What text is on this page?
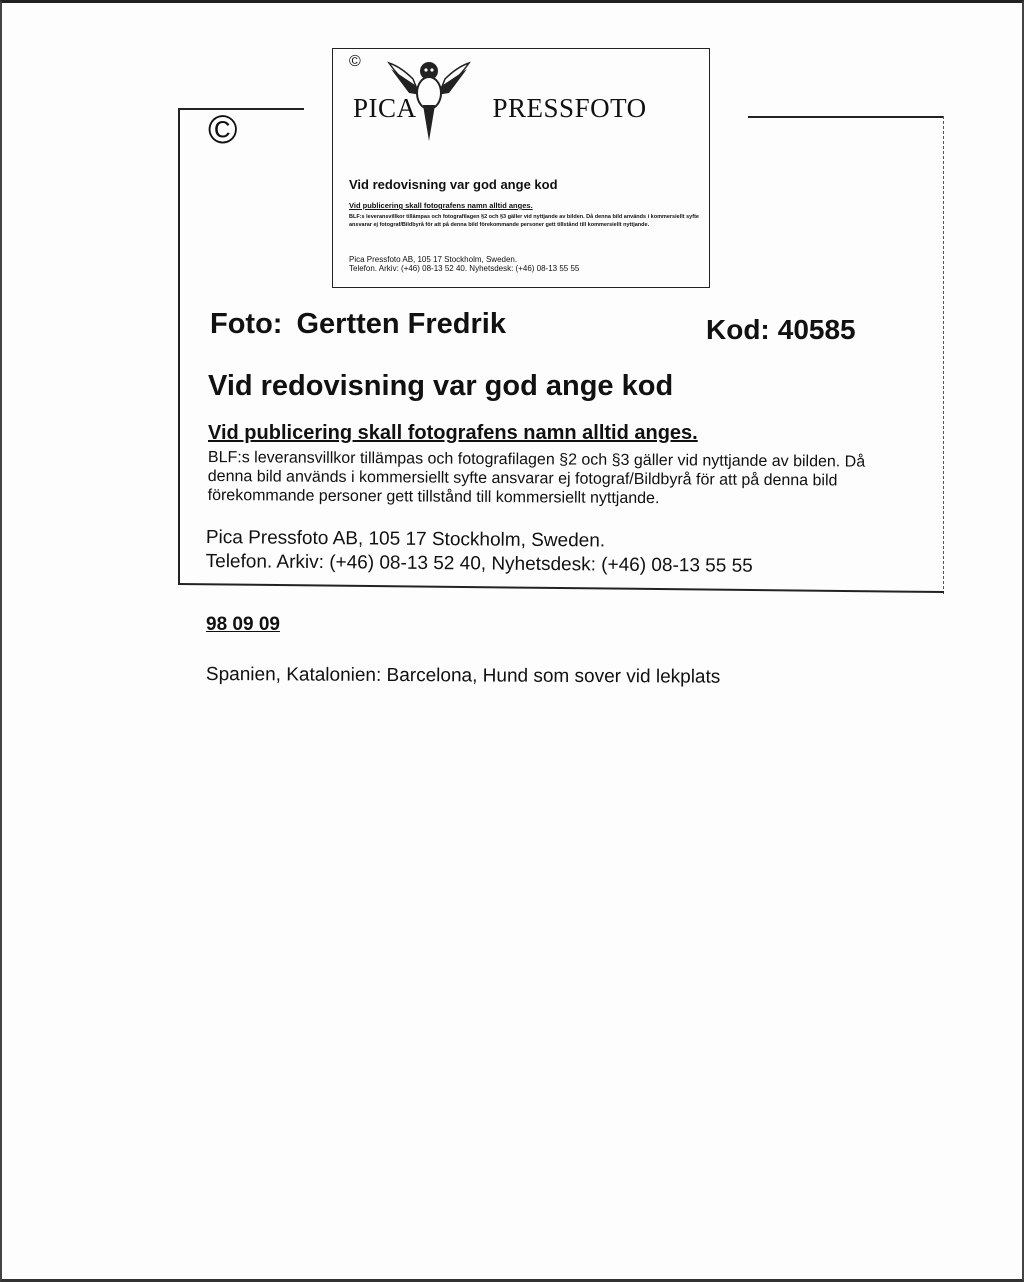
©
©
PICA	PRESSFOTO
Vid redovisning var god ange kod
Vid publicering skall fotografens namn alltid anges.
BLF:s leveransvillkor tillämpas och fotografilagen §2 och §3 gäller vid nyttjande av bilden. Då denna bild används i kommersiellt syfte ansvarar ej fotograf/Bildbyrå för att på denna bild förekommande personer gett tillstånd till kommersiellt nyttjande.
Pica Pressfoto AB, 105 17 Stockholm, Sweden.
Telefon. Arkiv: (+46) 08-13 52 40. Nyhetsdesk: (+46) 08-13 55 55
Foto: Gertten Fredrik	Kod: 40585
Vid redovisning var god ange kod
Vid publicering skall fotografens namn alltid anges.
BLF:s leveransvillkor tillämpas och fotografilagen §2 och §3 gäller vid nyttjande av bilden. Då denna bild används i kommersiellt syfte ansvarar ej fotograf/Bildbyrå för att på denna bild förekommande personer gett tillstånd till kommersiellt nyttjande.
Pica Pressfoto AB, 105 17 Stockholm, Sweden.
Telefon. Arkiv: (+46) 08-13 52 40, Nyhetsdesk: (+46) 08-13 55 55
98 09 09
Spanien, Katalonien: Barcelona, Hund som sover vid lekplats
